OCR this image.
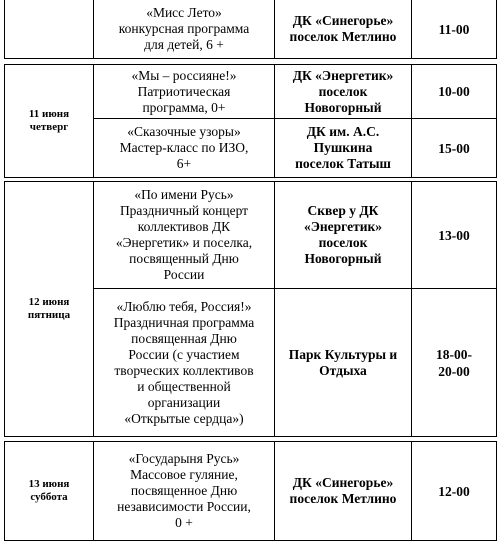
«Мисс Лето»
конкурсная программа
для детей, 6 +
ДК «Синегорье»
поселок Метлино	11-00
11 июня
четверг
«Мы – россияне!»
Патриотическая
программа, 0+
ДК «Энергетик»
поселок
Новогорный
10-00
«Сказочные узоры»
Мастер-класс по ИЗО,
6+
ДК им. А.С.
Пушкина
поселок Татыш
15-00
12 июня
пятница
«По имени Русь»
Праздничный концерт
коллективов ДК
«Энергетик» и поселка,
посвященный Дню
России
Сквер у ДК
«Энергетик»
поселок
Новогорный
13-00
«Люблю тебя, Россия!»
Праздничная программа
посвященная Дню
России (с участием
творческих коллективов
и общественной
организации
«Открытые сердца»)
Парк Культуры и
Отдыха
18-00-
20-00
13 июня
суббота
«Государыня Русь»
Массовое гуляние,
посвященное Дню
независимости России,
0 +
ДК «Синегорье»
поселок Метлино	12-00
